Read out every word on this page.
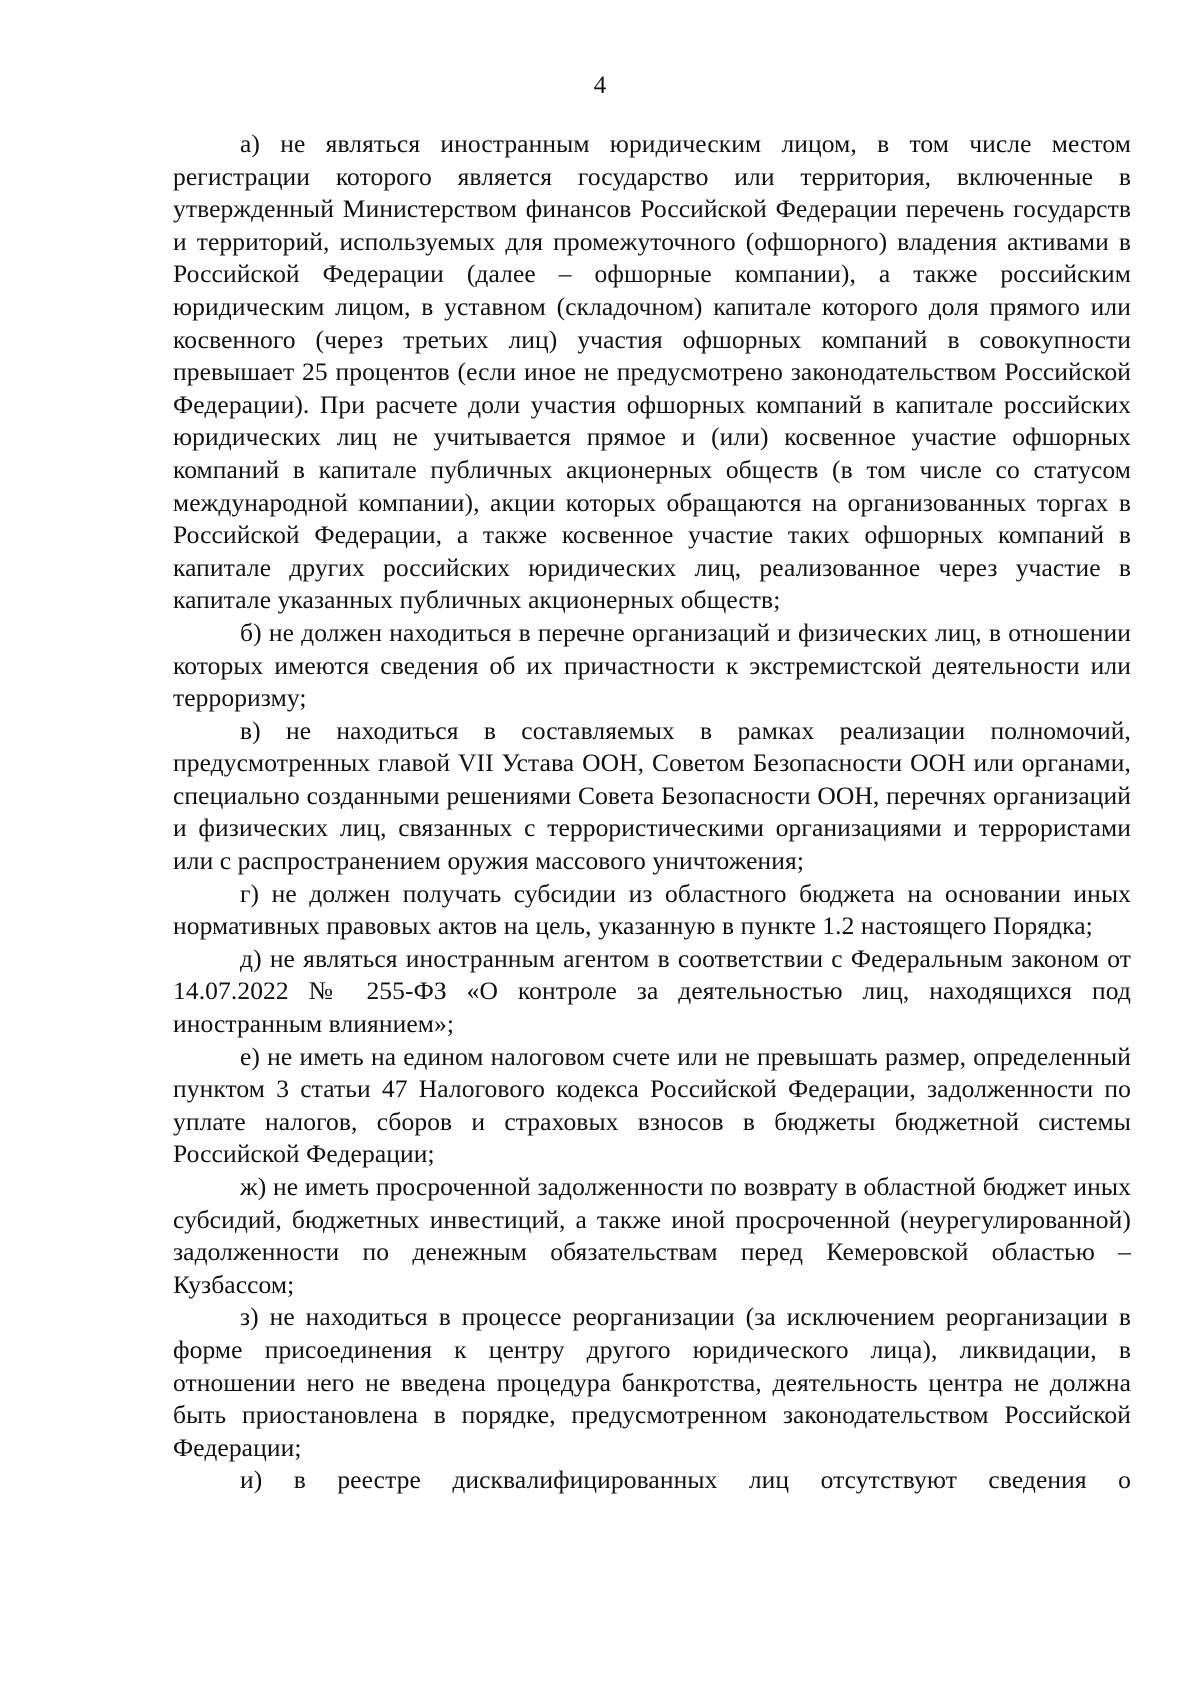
4

а) не являться иностранным юридическим лицом, в том числе местом регистрации которого является государство или территория, включенные в утвержденный Министерством финансов Российской Федерации перечень государств и территорий, используемых для промежуточного (офшорного) владения активами в Российской Федерации (далее – офшорные компании), а также российским юридическим лицом, в уставном (складочном) капитале которого доля прямого или косвенного (через третьих лиц) участия офшорных компаний в совокупности превышает 25 процентов (если иное не предусмотрено законодательством Российской Федерации). При расчете доли участия офшорных компаний в капитале российских юридических лиц не учитывается прямое и (или) косвенное участие офшорных компаний в капитале публичных акционерных обществ (в том числе со статусом международной компании), акции которых обращаются на организованных торгах в Российской Федерации, а также косвенное участие таких офшорных компаний в капитале других российских юридических лиц, реализованное через участие в капитале указанных публичных акционерных обществ;

б) не должен находиться в перечне организаций и физических лиц, в отношении которых имеются сведения об их причастности к экстремистской деятельности или терроризму;

в) не находиться в составляемых в рамках реализации полномочий, предусмотренных главой VII Устава ООН, Советом Безопасности ООН или органами, специально созданными решениями Совета Безопасности ООН, перечнях организаций и физических лиц, связанных с террористическими организациями и террористами или с распространением оружия массового уничтожения;

г) не должен получать субсидии из областного бюджета на основании иных нормативных правовых актов на цель, указанную в пункте 1.2 настоящего Порядка;

д) не являться иностранным агентом в соответствии с Федеральным законом от 14.07.2022 № 255-ФЗ «О контроле за деятельностью лиц, находящихся под иностранным влиянием»;

е) не иметь на едином налоговом счете или не превышать размер, определенный пунктом 3 статьи 47 Налогового кодекса Российской Федерации, задолженности по уплате налогов, сборов и страховых взносов в бюджеты бюджетной системы Российской Федерации;

ж) не иметь просроченной задолженности по возврату в областной бюджет иных субсидий, бюджетных инвестиций, а также иной просроченной (неурегулированной) задолженности по денежным обязательствам перед Кемеровской областью – Кузбассом;

з) не находиться в процессе реорганизации (за исключением реорганизации в форме присоединения к центру другого юридического лица), ликвидации, в отношении него не введена процедура банкротства, деятельность центра не должна быть приостановлена в порядке, предусмотренном законодательством Российской Федерации;

и) в реестре дисквалифицированных лиц отсутствуют сведения о
